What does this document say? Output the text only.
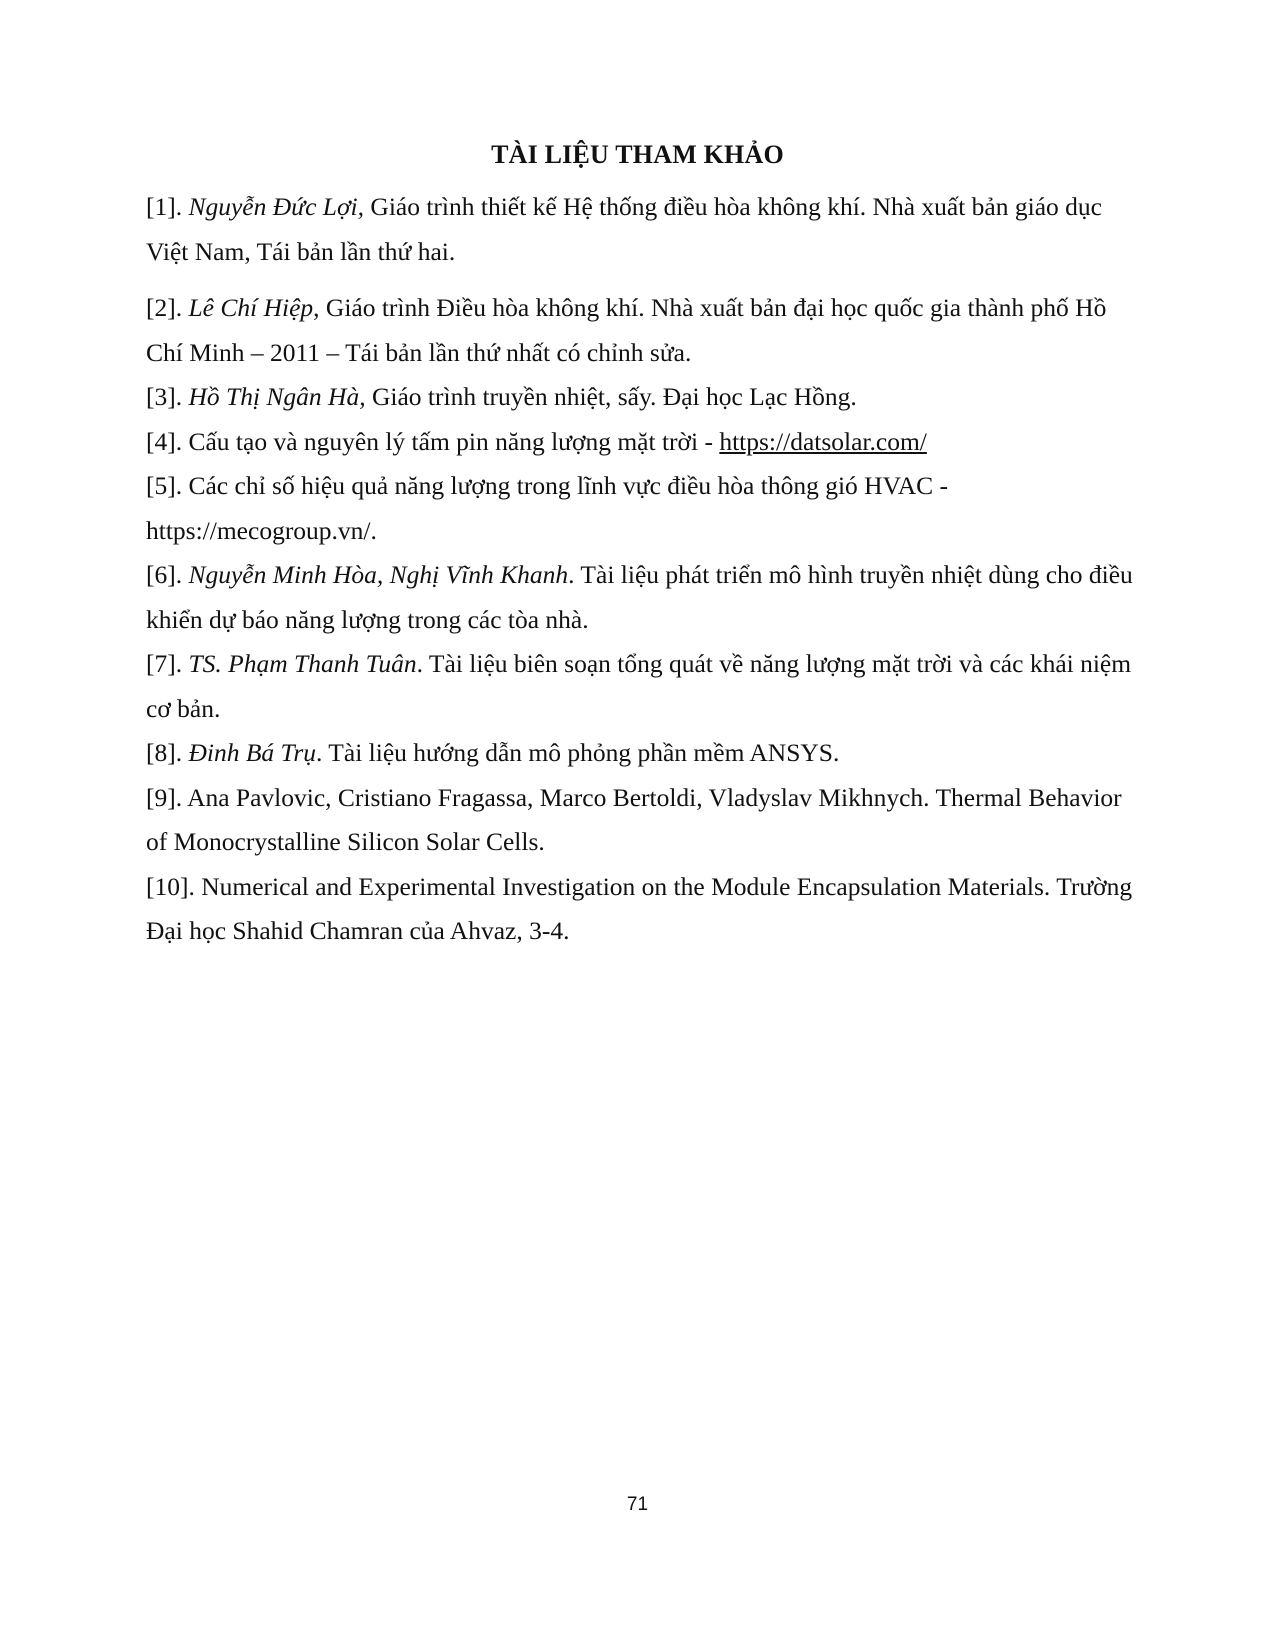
TÀI LIỆU THAM KHẢO

[1]. Nguyễn Đức Lợi, Giáo trình thiết kế Hệ thống điều hòa không khí. Nhà xuất bản giáo dục Việt Nam, Tái bản lần thứ hai.

[2]. Lê Chí Hiệp, Giáo trình Điều hòa không khí. Nhà xuất bản đại học quốc gia thành phố Hồ Chí Minh – 2011 – Tái bản lần thứ nhất có chỉnh sửa.

[3]. Hồ Thị Ngân Hà, Giáo trình truyền nhiệt, sấy. Đại học Lạc Hồng.

[4]. Cấu tạo và nguyên lý tấm pin năng lượng mặt trời - https://datsolar.com/

[5]. Các chỉ số hiệu quả năng lượng trong lĩnh vực điều hòa thông gió HVAC - https://mecogroup.vn/.

[6]. Nguyễn Minh Hòa, Nghị Vĩnh Khanh. Tài liệu phát triển mô hình truyền nhiệt dùng cho điều khiển dự báo năng lượng trong các tòa nhà.

[7]. TS. Phạm Thanh Tuân. Tài liệu biên soạn tổng quát về năng lượng mặt trời và các khái niệm cơ bản.

[8]. Đinh Bá Trụ. Tài liệu hướng dẫn mô phỏng phần mềm ANSYS.

[9]. Ana Pavlovic, Cristiano Fragassa, Marco Bertoldi, Vladyslav Mikhnych. Thermal Behavior of Monocrystalline Silicon Solar Cells.

[10]. Numerical and Experimental Investigation on the Module Encapsulation Materials. Trường Đại học Shahid Chamran của Ahvaz, 3-4.

71
